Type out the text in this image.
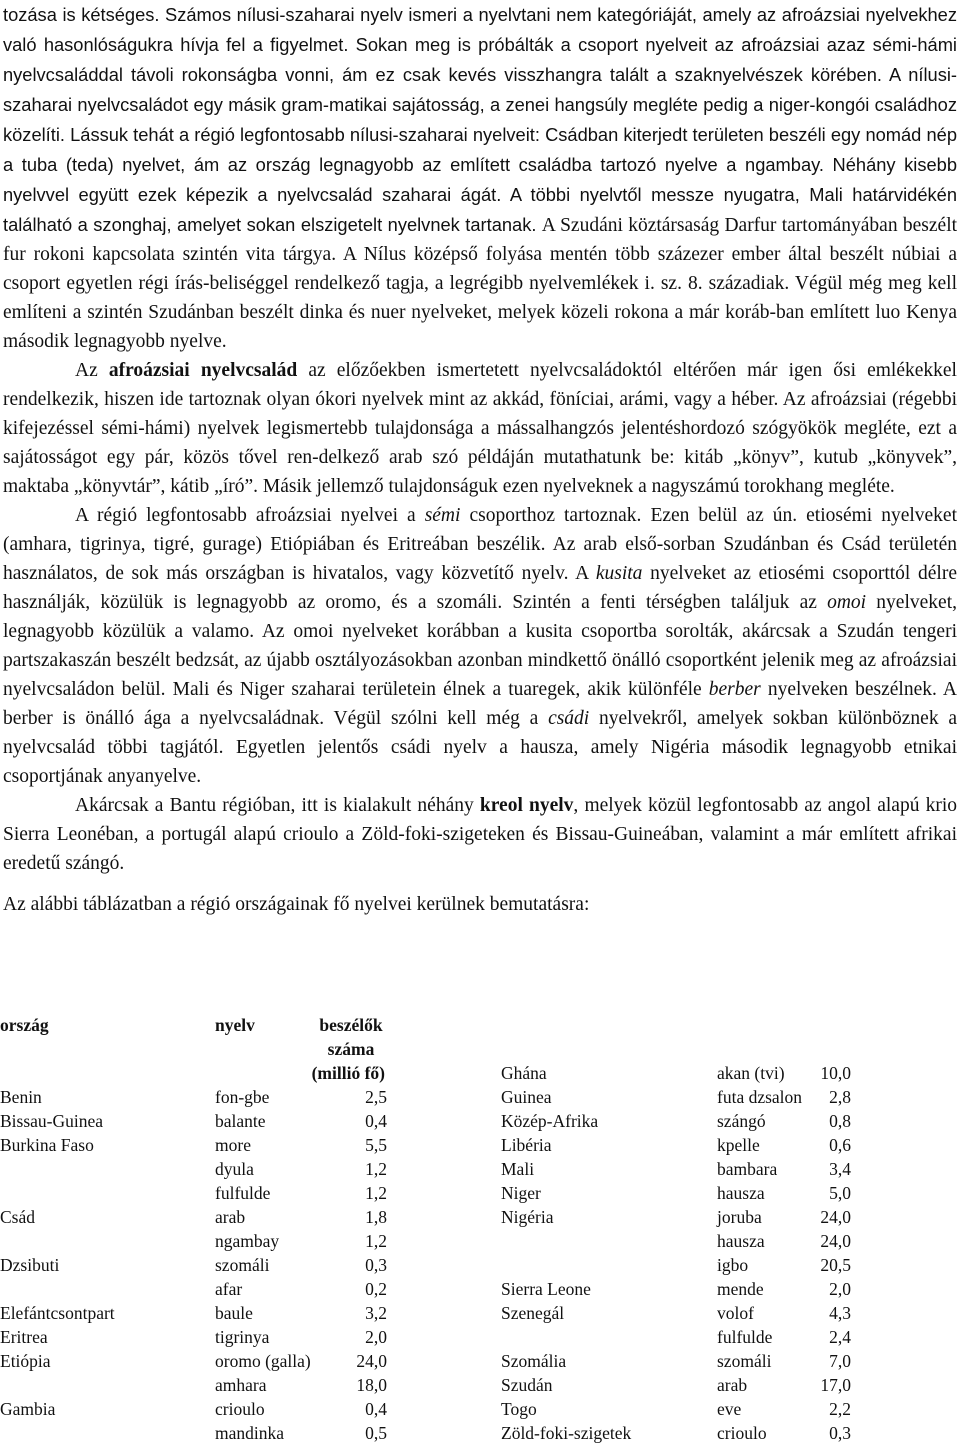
tozása is kétséges. Számos nílusi-szaharai nyelv ismeri a nyelvtani nem kategóriáját, amely az afroázsiai nyelvekhez való hasonlóságukra hívja fel a figyelmet. Sokan meg is próbálták a csoport nyelveit az afroázsiai azaz sémi-hámi nyelvcsaláddal távoli rokonságba vonni, ám ez csak kevés visszhangra talált a szaknyelvészek körében. A nílusi-szaharai nyelvcsaládot egy másik gram-matikai sajátosság, a zenei hangsúly megléte pedig a niger-kongói családhoz közelíti. Lássuk tehát a régió legfontosabb nílusi-szaharai nyelveit: Csádban kiterjedt területen beszéli egy nomád nép a tuba (teda) nyelvet, ám az ország legnagyobb az említett családba tartozó nyelve a ngambay. Néhány kisebb nyelvvel együtt ezek képezik a nyelvcsalád szaharai ágát. A többi nyelvtől messze nyugatra, Mali határvidékén található a szonghaj, amelyet sokan elszigetelt nyelvnek tartanak. A Szudáni köztársaság Darfur tartományában beszélt fur rokoni kapcsolata szintén vita tárgya. A Nílus középső folyása mentén több százezer ember által beszélt núbiai a csoport egyetlen régi írás-beliséggel rendelkező tagja, a legrégibb nyelvemlékek i. sz. 8. századiak. Végül még meg kell említeni a szintén Szudánban beszélt dinka és nuer nyelveket, melyek közeli rokona a már koráb-ban említett luo Kenya második legnagyobb nyelve.

Az afroázsiai nyelvcsalád az előzőekben ismertetett nyelvcsaládoktól eltérően már igen ősi emlékekkel rendelkezik, hiszen ide tartoznak olyan ókori nyelvek mint az akkád, föníciai, arámi, vagy a héber. Az afroázsiai (régebbi kifejezéssel sémi-hámi) nyelvek legismertebb tulajdonsága a mássalhangzós jelentéshordozó szógyökök megléte, ezt a sajátosságot egy pár, közös tővel ren-delkező arab szó példáján mutathatunk be: kitáb „könyv”, kutub „könyvek”, maktaba „könyvtár”, kátib „író”. Másik jellemző tulajdonságuk ezen nyelveknek a nagyszámú torokhang megléte.

A régió legfontosabb afroázsiai nyelvei a sémi csoporthoz tartoznak. Ezen belül az ún. etiosémi nyelveket (amhara, tigrinya, tigré, gurage) Etiópiában és Eritreában beszélik. Az arab első-sorban Szudánban és Csád területén használatos, de sok más országban is hivatalos, vagy közvetítő nyelv. A kusita nyelveket az etiosémi csoporttól délre használják, közülük is legnagyobb az oromo, és a szomáli. Szintén a fenti térségben találjuk az omoi nyelveket, legnagyobb közülük a valamo. Az omoi nyelveket korábban a kusita csoportba sorolták, akárcsak a Szudán tengeri partszakaszán beszélt bedzsát, az újabb osztályozásokban azonban mindkettő önálló csoportként jelenik meg az afroázsiai nyelvcsaládon belül. Mali és Niger szaharai területein élnek a tuaregek, akik különféle berber nyelveken beszélnek. A berber is önálló ága a nyelvcsaládnak. Végül szólni kell még a csádi nyelvekről, amelyek sokban különböznek a nyelvcsalád többi tagjától. Egyetlen jelentős csádi nyelv a hausza, amely Nigéria második legnagyobb etnikai csoportjának anyanyelve.

Akárcsak a Bantu régióban, itt is kialakult néhány kreol nyelv, melyek közül legfontosabb az angol alapú krio Sierra Leonéban, a portugál alapú crioulo a Zöld-foki-szigeteken és Bissau-Guineában, valamint a már említett afrikai eredetű szángó.

Az alábbi táblázatban a régió országainak fő nyelvei kerülnek bemutatásra:

ország	nyelv	beszélők száma				
(millió fő)				Ghána	akan (tvi)	10,0
Benin	fon-gbe	2,5		Guinea	futa dzsalon	2,8
Bissau-Guinea	balante	0,4		Közép-Afrika	szángó	0,8
Burkina Faso	more	5,5		Libéria	kpelle	0,6
	dyula	1,2		Mali	bambara	3,4
	fulfulde	1,2		Niger	hausza	5,0
Csád	arab	1,8		Nigéria	joruba	24,0
	ngambay	1,2			hausza	24,0
Dzsibuti	szomáli	0,3			igbo	20,5
	afar	0,2		Sierra Leone	mende	2,0
Elefántcsontpart	baule	3,2		Szenegál	volof	4,3
Eritrea	tigrinya	2,0			fulfulde	2,4
Etiópia	oromo (galla)	24,0		Szomália	szomáli	7,0
	amhara	18,0		Szudán	arab	17,0
Gambia	crioulo	0,4		Togo	eve	2,2
	mandinka	0,5		Zöld-foki-szigetek	crioulo	0,3
